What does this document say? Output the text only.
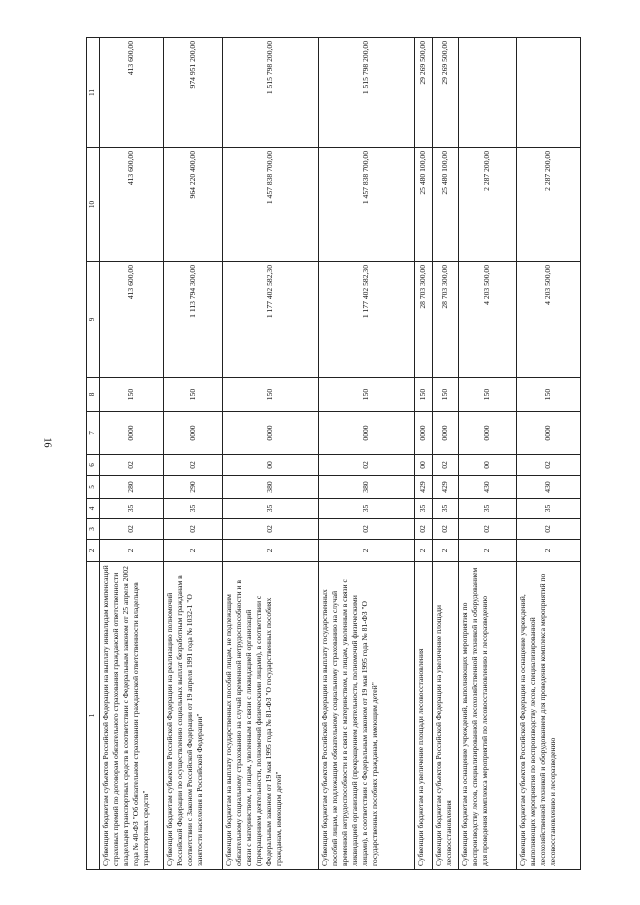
16
1	2	3	4	5	6	7	8	9	10	11
Субвенции бюджетам субъектов Российской Федерации на выплату инвалидам компенсаций страховых премий по договорам обязательного страхования гражданской ответственности владельцев транспортных средств в соответствии с Федеральным законом от 25 апреля 2002 года № 40-ФЗ "Об обязательном страховании гражданской ответственности владельцев транспортных средств"	2	02	35	280	02	0000	150	413 600,00	413 600,00	413 600,00
Субвенции бюджетам субъектов Российской Федерации на реализацию полномочий Российской Федерации по осуществлению социальных выплат безработным гражданам в соответствии с Законом Российской Федерации от 19 апреля 1991 года № 1032-1 "О занятости населения в Российской Федерации"	2	02	35	290	02	0000	150	1 113 794 300,00	964 220 400,00	974 951 200,00
Субвенции бюджетам на выплату государственных пособий лицам, не подлежащим обязательному социальному страхованию на случай временной нетрудоспособности и в связи с материнством, и лицам, уволенным в связи с ликвидацией организаций (прекращением деятельности, полномочий физическими лицами), в соответствии с Федеральным законом от 19 мая 1995 года № 81-ФЗ "О государственных пособиях гражданам, имеющим детей"	2	02	35	380	00	0000	150	1 177 402 582,30	1 457 838 700,00	1 515 798 200,00
Субвенции бюджетам субъектов Российской Федерации на выплату государственных пособий лицам, не подлежащим обязательному социальному страхованию на случай временной нетрудоспособности и в связи с материнством, и лицам, уволенным в связи с ликвидацией организаций (прекращением деятельности, полномочий физическими лицами), в соответствии с Федеральным законом от 19 мая 1995 года № 81-ФЗ "О государственных пособиях гражданам, имеющим детей"	2	02	35	380	02	0000	150	1 177 402 582,30	1 457 838 700,00	1 515 798 200,00
Субвенции бюджетам на увеличение площади лесовосстановления	2	02	35	429	00	0000	150	28 703 300,00	25 480 100,00	29 269 500,00
Субвенции бюджетам субъектов Российской Федерации на увеличение площади лесовосстановления	2	02	35	429	02	0000	150	28 703 300,00	25 480 100,00	29 269 500,00
Субвенции бюджетам на оснащение учреждений, выполняющих мероприятия по воспроизводству лесов, специализированной лесохозяйственной техникой и оборудованием для проведения комплекса мероприятий по лесовосстановлению и лесоразведению	2	02	35	430	00	0000	150	4 203 500,00	2 287 200,00	
Субвенции бюджетам субъектов Российской Федерации на оснащение учреждений, выполняющих мероприятия по воспроизводству лесов, специализированной лесохозяйственной техникой и оборудованием для проведения комплекса мероприятий по лесовосстановлению и лесоразведению	2	02	35	430	02	0000	150	4 203 500,00	2 287 200,00	
